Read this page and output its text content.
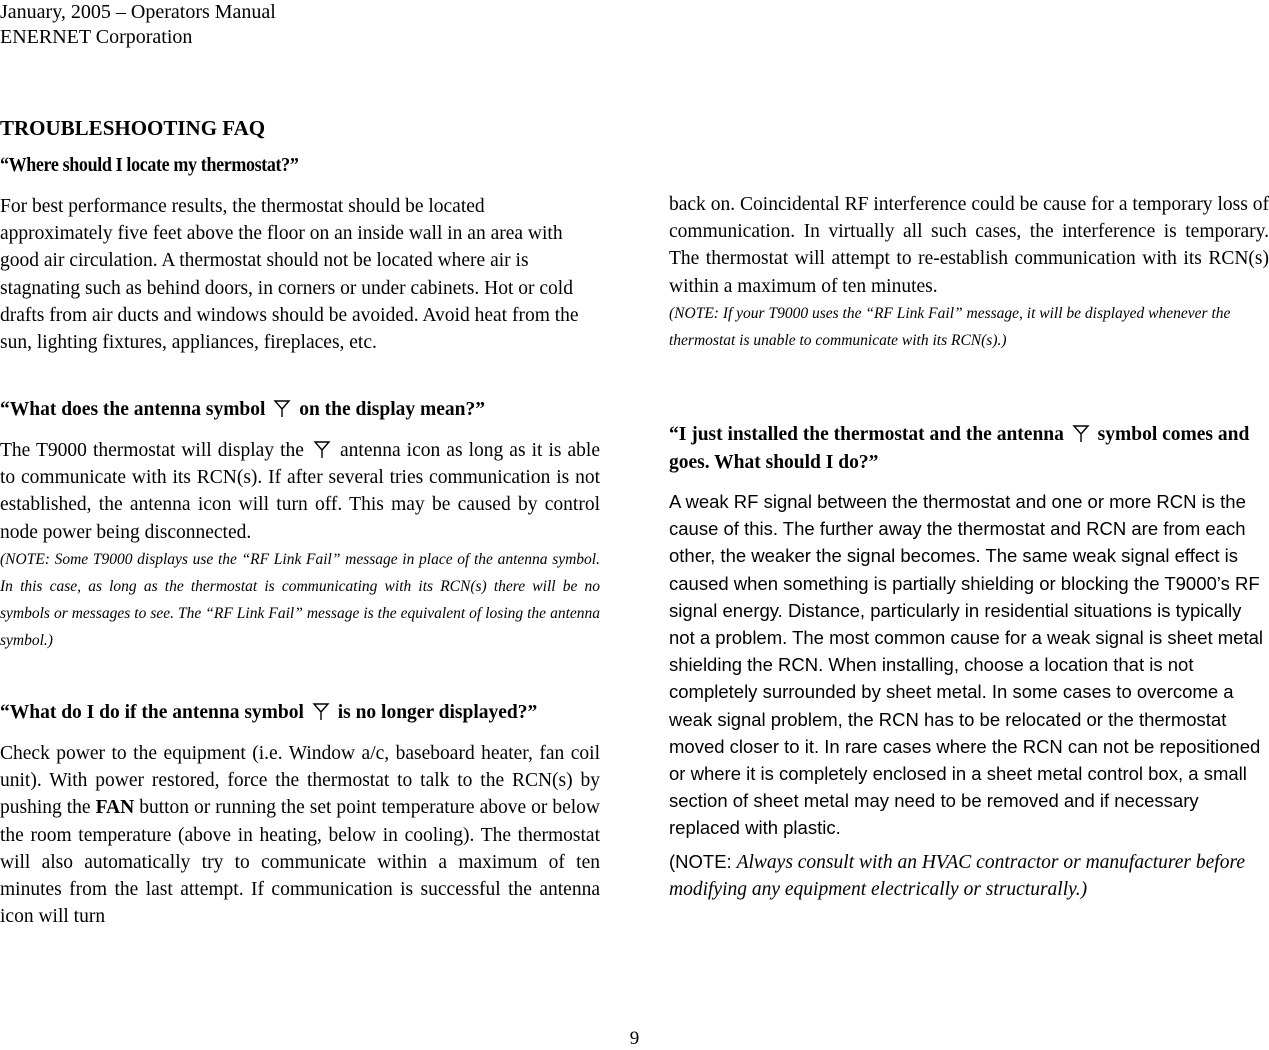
January, 2005 – Operators Manual
ENERNET Corporation
TROUBLESHOOTING FAQ
“Where should I locate my thermostat?”

For best performance results, the thermostat should be located approximately five feet above the floor on an inside wall in an area with good air circulation. A thermostat should not be located where air is stagnating such as behind doors, in corners or under cabinets. Hot or cold drafts from air ducts and windows should be avoided. Avoid heat from the sun, lighting fixtures, appliances, fireplaces, etc.

“What does the antenna symbol on the display mean?”

The T9000 thermostat will display the antenna icon as long as it is able to communicate with its RCN(s). If after several tries communication is not established, the antenna icon will turn off. This may be caused by control node power being disconnected.

(NOTE: Some T9000 displays use the “RF Link Fail” message in place of the antenna symbol. In this case, as long as the thermostat is communicating with its RCN(s) there will be no symbols or messages to see. The “RF Link Fail” message is the equivalent of losing the antenna symbol.)

“What do I do if the antenna symbol is no longer displayed?”

Check power to the equipment (i.e. Window a/c, baseboard heater, fan coil unit). With power restored, force the thermostat to talk to the RCN(s) by pushing the FAN button or running the set point temperature above or below the room temperature (above in heating, below in cooling). The thermostat will also automatically try to communicate within a maximum of ten minutes from the last attempt. If communication is successful the antenna icon will turn

back on. Coincidental RF interference could be cause for a temporary loss of communication. In virtually all such cases, the interference is temporary. The thermostat will attempt to re-establish communication with its RCN(s) within a maximum of ten minutes.

(NOTE: If your T9000 uses the “RF Link Fail” message, it will be displayed whenever the thermostat is unable to communicate with its RCN(s).)

“I just installed the thermostat and the antenna symbol comes and goes. What should I do?”

A weak RF signal between the thermostat and one or more RCN is the cause of this. The further away the thermostat and RCN are from each other, the weaker the signal becomes. The same weak signal effect is caused when something is partially shielding or blocking the T9000’s RF signal energy. Distance, particularly in residential situations is typically not a problem. The most common cause for a weak signal is sheet metal shielding the RCN. When installing, choose a location that is not completely surrounded by sheet metal. In some cases to overcome a weak signal problem, the RCN has to be relocated or the thermostat moved closer to it. In rare cases where the RCN can not be repositioned or where it is completely enclosed in a sheet metal control box, a small section of sheet metal may need to be removed and if necessary replaced with plastic.

(NOTE: Always consult with an HVAC contractor or manufacturer before modifying any equipment electrically or structurally.)

9
